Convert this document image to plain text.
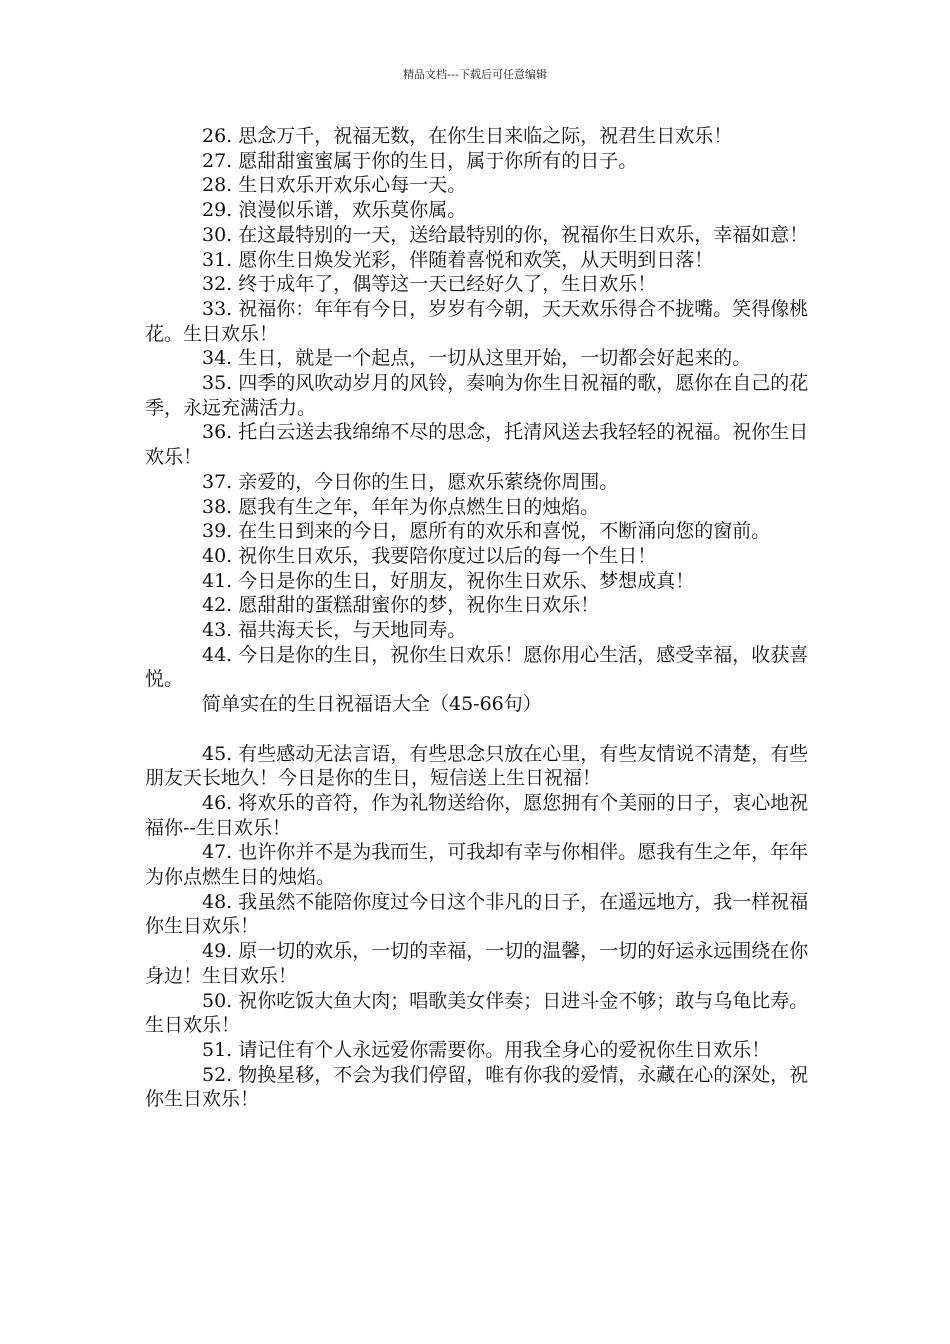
精品文档---下载后可任意编辑

26. 思念万千，祝福无数，在你生日来临之际，祝君生日欢乐！

27. 愿甜甜蜜蜜属于你的生日，属于你所有的日子。

28. 生日欢乐开欢乐心每一天。

29. 浪漫似乐谱，欢乐莫你属。

30. 在这最特别的一天，送给最特别的你，祝福你生日欢乐，幸福如意！

31. 愿你生日焕发光彩，伴随着喜悦和欢笑，从天明到日落！

32. 终于成年了，偶等这一天已经好久了，生日欢乐！

33. 祝福你：年年有今日，岁岁有今朝，天天欢乐得合不拢嘴。笑得像桃花。生日欢乐！

34. 生日，就是一个起点，一切从这里开始，一切都会好起来的。

35. 四季的风吹动岁月的风铃，奏响为你生日祝福的歌，愿你在自己的花季，永远充满活力。

36. 托白云送去我绵绵不尽的思念，托清风送去我轻轻的祝福。祝你生日欢乐！

37. 亲爱的，今日你的生日，愿欢乐萦绕你周围。

38. 愿我有生之年，年年为你点燃生日的烛焰。

39. 在生日到来的今日，愿所有的欢乐和喜悦，不断涌向您的窗前。

40. 祝你生日欢乐，我要陪你度过以后的每一个生日！

41. 今日是你的生日，好朋友，祝你生日欢乐、梦想成真！

42. 愿甜甜的蛋糕甜蜜你的梦，祝你生日欢乐！

43. 福共海天长，与天地同寿。

44. 今日是你的生日，祝你生日欢乐！愿你用心生活，感受幸福，收获喜悦。

简单实在的生日祝福语大全（45-66句）

45. 有些感动无法言语，有些思念只放在心里，有些友情说不清楚，有些朋友天长地久！今日是你的生日，短信送上生日祝福！

46. 将欢乐的音符，作为礼物送给你，愿您拥有个美丽的日子，衷心地祝福你--生日欢乐！

47. 也许你并不是为我而生，可我却有幸与你相伴。愿我有生之年，年年为你点燃生日的烛焰。

48. 我虽然不能陪你度过今日这个非凡的日子，在遥远地方，我一样祝福你生日欢乐！

49. 原一切的欢乐，一切的幸福，一切的温馨，一切的好运永远围绕在你身边！生日欢乐！

50. 祝你吃饭大鱼大肉；唱歌美女伴奏；日进斗金不够；敢与乌龟比寿。生日欢乐！

51. 请记住有个人永远爱你需要你。用我全身心的爱祝你生日欢乐！

52. 物换星移，不会为我们停留，唯有你我的爱情，永藏在心的深处，祝你生日欢乐！
